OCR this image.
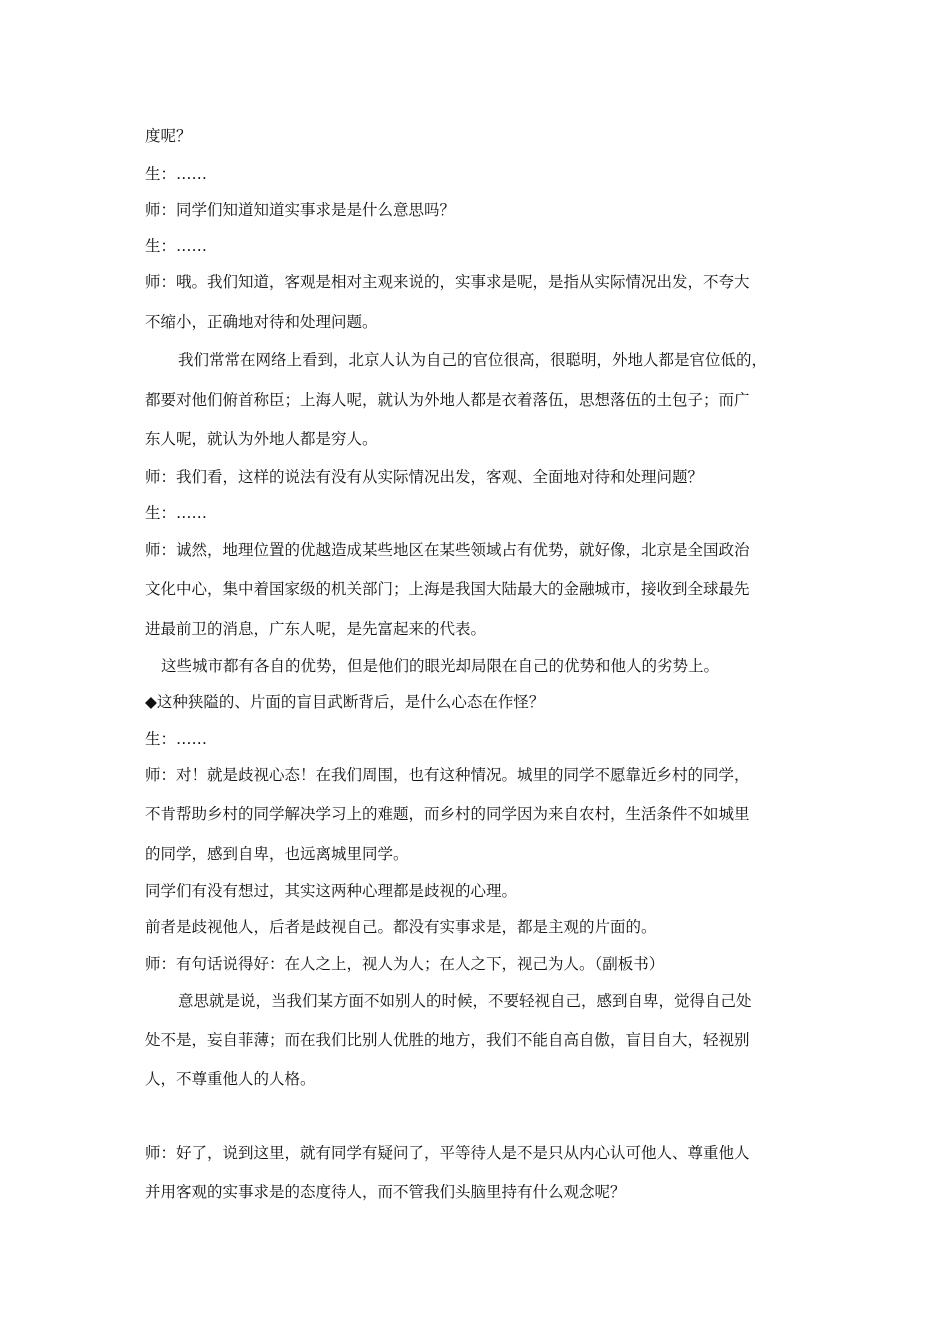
度呢？
生：……
师：同学们知道知道实事求是是什么意思吗？
生：……
师：哦。我们知道，客观是相对主观来说的，实事求是呢，是指从实际情况出发，不夸大
不缩小，正确地对待和处理问题。
我们常常在网络上看到，北京人认为自己的官位很高，很聪明，外地人都是官位低的，
都要对他们俯首称臣；上海人呢，就认为外地人都是衣着落伍，思想落伍的土包子；而广
东人呢，就认为外地人都是穷人。
师：我们看，这样的说法有没有从实际情况出发，客观、全面地对待和处理问题？
生：……
师：诚然，地理位置的优越造成某些地区在某些领域占有优势，就好像，北京是全国政治
文化中心，集中着国家级的机关部门；上海是我国大陆最大的金融城市，接收到全球最先
进最前卫的消息，广东人呢，是先富起来的代表。
这些城市都有各自的优势，但是他们的眼光却局限在自己的优势和他人的劣势上。
◆这种狭隘的、片面的盲目武断背后，是什么心态在作怪？
生：……
师：对！就是歧视心态！在我们周围，也有这种情况。城里的同学不愿靠近乡村的同学，
不肯帮助乡村的同学解决学习上的难题，而乡村的同学因为来自农村，生活条件不如城里
的同学，感到自卑，也远离城里同学。
同学们有没有想过，其实这两种心理都是歧视的心理。
前者是歧视他人，后者是歧视自己。都没有实事求是，都是主观的片面的。
师：有句话说得好：在人之上，视人为人；在人之下，视己为人。（副板书）
意思就是说，当我们某方面不如别人的时候，不要轻视自己，感到自卑，觉得自己处
处不是，妄自菲薄；而在我们比别人优胜的地方，我们不能自高自傲，盲目自大，轻视别
人，不尊重他人的人格。
师：好了，说到这里，就有同学有疑问了，平等待人是不是只从内心认可他人、尊重他人
并用客观的实事求是的态度待人，而不管我们头脑里持有什么观念呢？
